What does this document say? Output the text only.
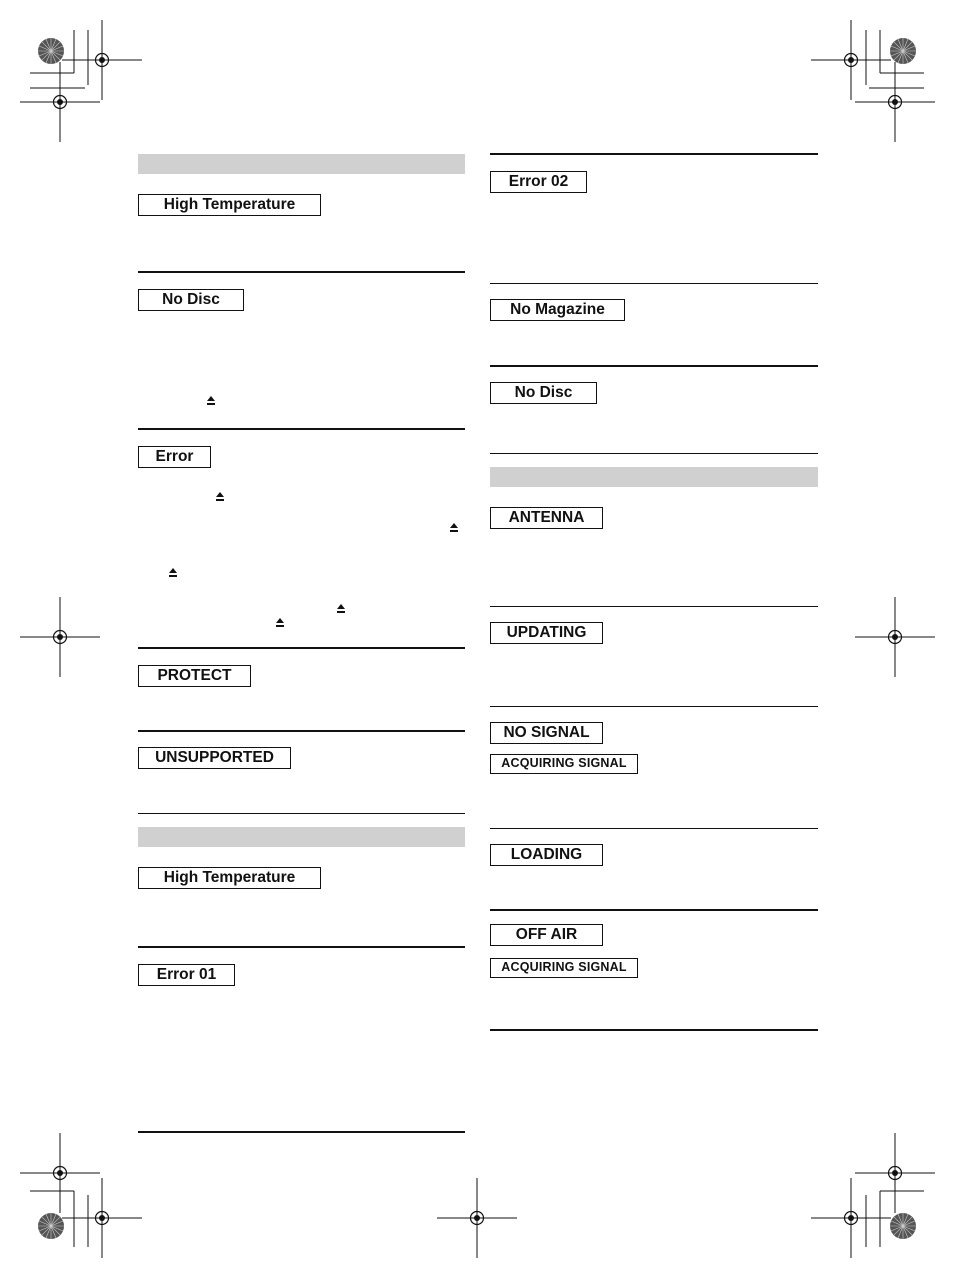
High Temperature
No Disc
Error
PROTECT
UNSUPPORTED
High Temperature
Error 01
Error 02
No Magazine
No Disc
ANTENNA
UPDATING
NO SIGNAL
ACQUIRING SIGNAL
LOADING
OFF AIR
ACQUIRING SIGNAL
